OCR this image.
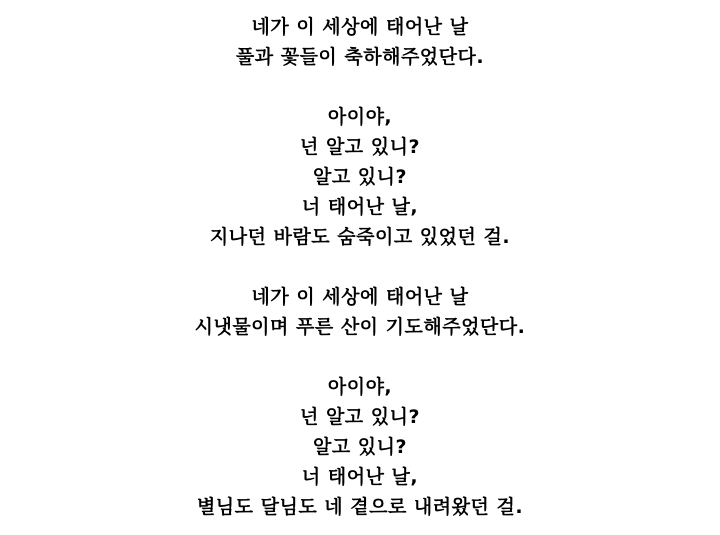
네가 이 세상에 태어난 날
풀과 꽃들이 축하해주었단다.
아이야,
넌 알고 있니?
알고 있니?
너 태어난 날,
지나던 바람도 숨죽이고 있었던 걸.
네가 이 세상에 태어난 날
시냇물이며 푸른 산이 기도해주었단다.
아이야,
넌 알고 있니?
알고 있니?
너 태어난 날,
별님도 달님도 네 곁으로 내려왔던 걸.
